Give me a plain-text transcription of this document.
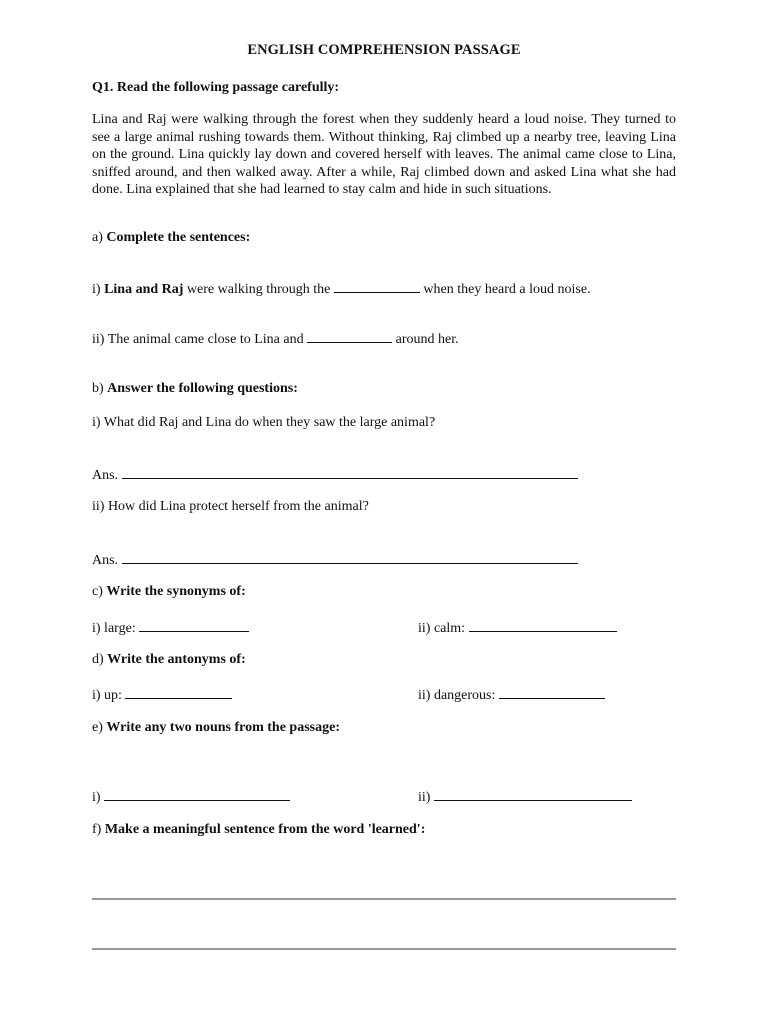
ENGLISH COMPREHENSION PASSAGE
Q1. Read the following passage carefully:
Lina and Raj were walking through the forest when they suddenly heard a loud noise. They turned to see a large animal rushing towards them. Without thinking, Raj climbed up a nearby tree, leaving Lina on the ground. Lina quickly lay down and covered herself with leaves. The animal came close to Lina, sniffed around, and then walked away. After a while, Raj climbed down and asked Lina what she had done. Lina explained that she had learned to stay calm and hide in such situations.
a) Complete the sentences:
i) Lina and Raj were walking through the	when they heard a loud noise.
ii) The animal came close to Lina and	around her.
b) Answer the following questions:
i) What did Raj and Lina do when they saw the large animal?
Ans.
ii) How did Lina protect herself from the animal?
Ans.
c) Write the synonyms of:
i) large:	ii) calm:
d) Write the antonyms of:
i) up:	ii) dangerous:
e) Write any two nouns from the passage:
i)	ii)
f) Make a meaningful sentence from the word 'learned':
